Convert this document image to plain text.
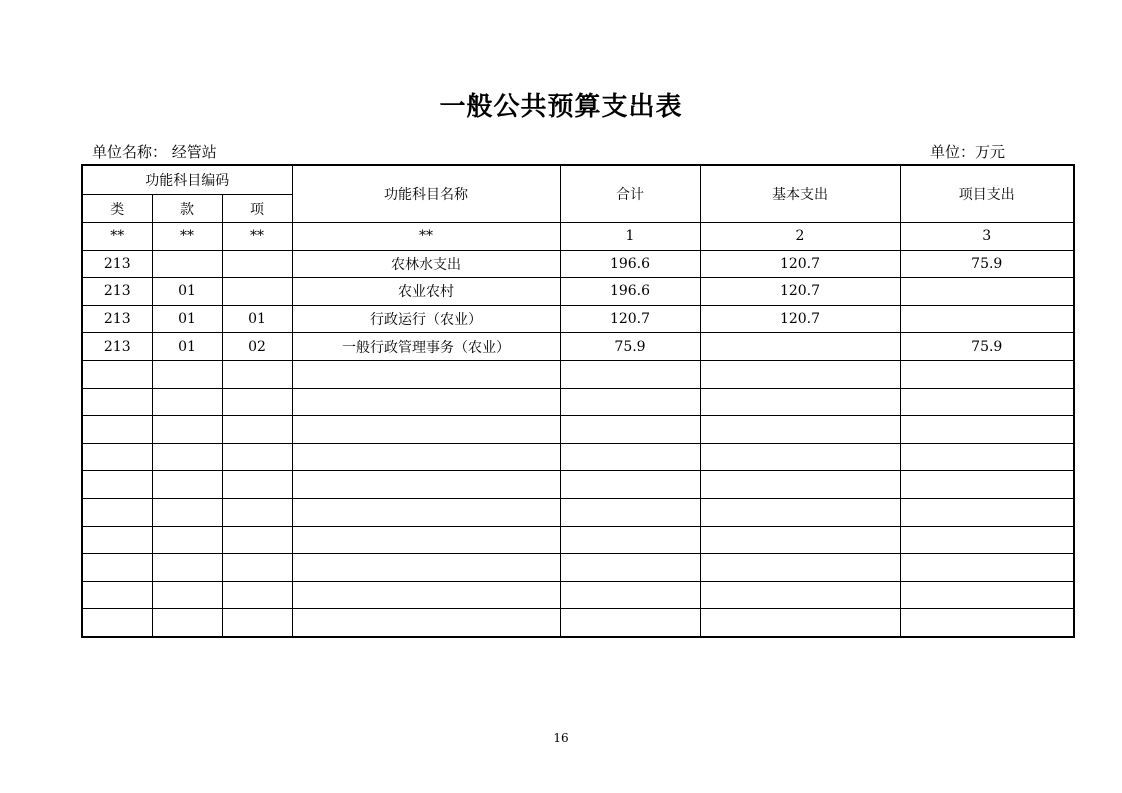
一般公共预算支出表
单位名称： 经管站	单位：万元
功能科目编码			功能科目名称	合计	基本支出	项目支出
类	款	项				
**	**	**	**	1	2	3
213			农林水支出	196.6	120.7	75.9
213	01		农业农村	196.6	120.7	
213	01	01	行政运行（农业）	120.7	120.7	
213	01	02	一般行政管理事务（农业）	75.9		75.9

16
